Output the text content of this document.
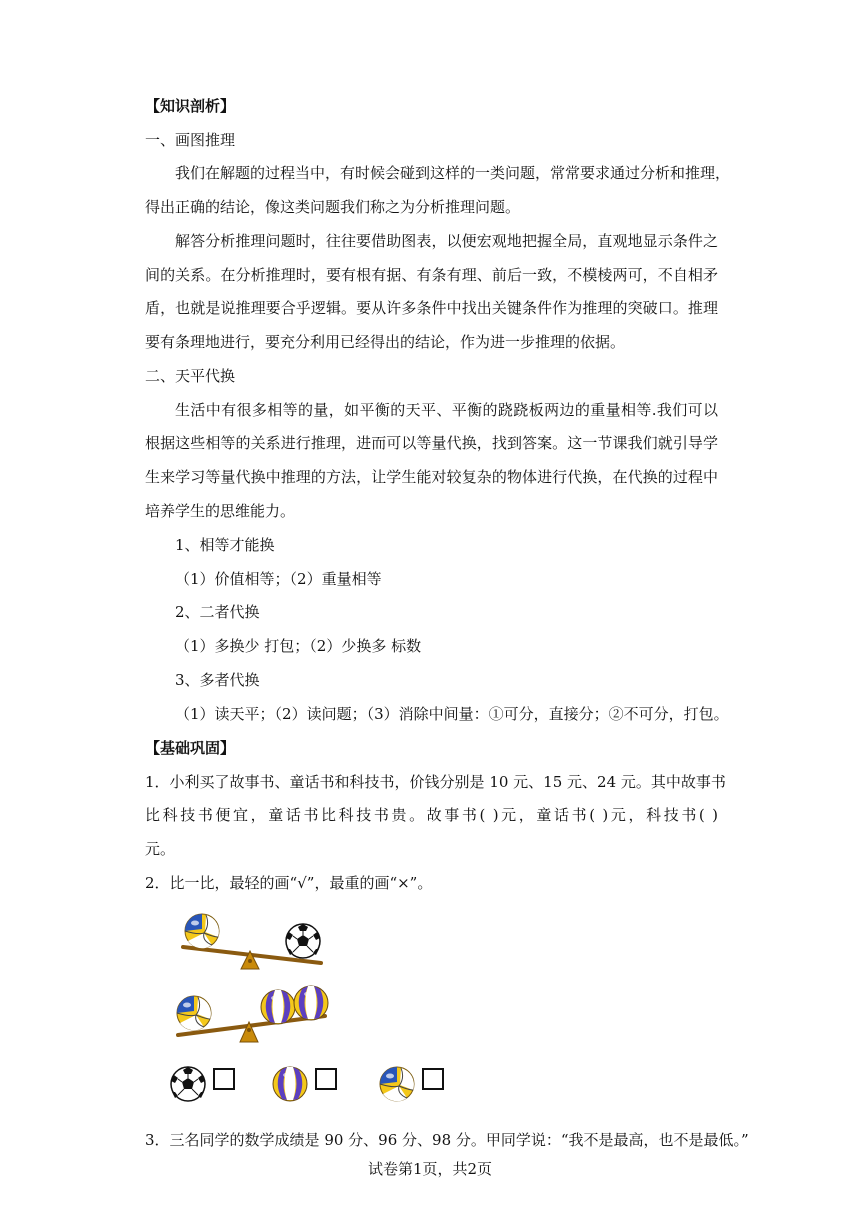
【知识剖析】
一、画图推理
我们在解题的过程当中，有时候会碰到这样的一类问题，常常要求通过分析和推理，
得出正确的结论，像这类问题我们称之为分析推理问题。
解答分析推理问题时，往往要借助图表，以便宏观地把握全局，直观地显示条件之
间的关系。在分析推理时，要有根有据、有条有理、前后一致，不模棱两可，不自相矛
盾，也就是说推理要合乎逻辑。要从许多条件中找出关键条件作为推理的突破口。推理
要有条理地进行，要充分利用已经得出的结论，作为进一步推理的依据。
二、天平代换
生活中有很多相等的量，如平衡的天平、平衡的跷跷板两边的重量相等.我们可以
根据这些相等的关系进行推理，进而可以等量代换，找到答案。这一节课我们就引导学
生来学习等量代换中推理的方法，让学生能对较复杂的物体进行代换，在代换的过程中
培养学生的思维能力。
1、相等才能换
（1）价值相等；（2）重量相等
2、二者代换
（1）多换少 打包；（2）少换多 标数
3、多者代换
（1）读天平；（2）读问题；（3）消除中间量：①可分，直接分；②不可分，打包。
【基础巩固】
1．小利买了故事书、童话书和科技书，价钱分别是 10 元、15 元、24 元。其中故事书
比科技书便宜，童话书比科技书贵。故事书( )元，童话书( )元，科技书( )
元。
2．比一比，最轻的画“√”，最重的画“×”。
3．三名同学的数学成绩是 90 分、96 分、98 分。甲同学说：“我不是最高，也不是最低。”
试卷第1页，共2页
